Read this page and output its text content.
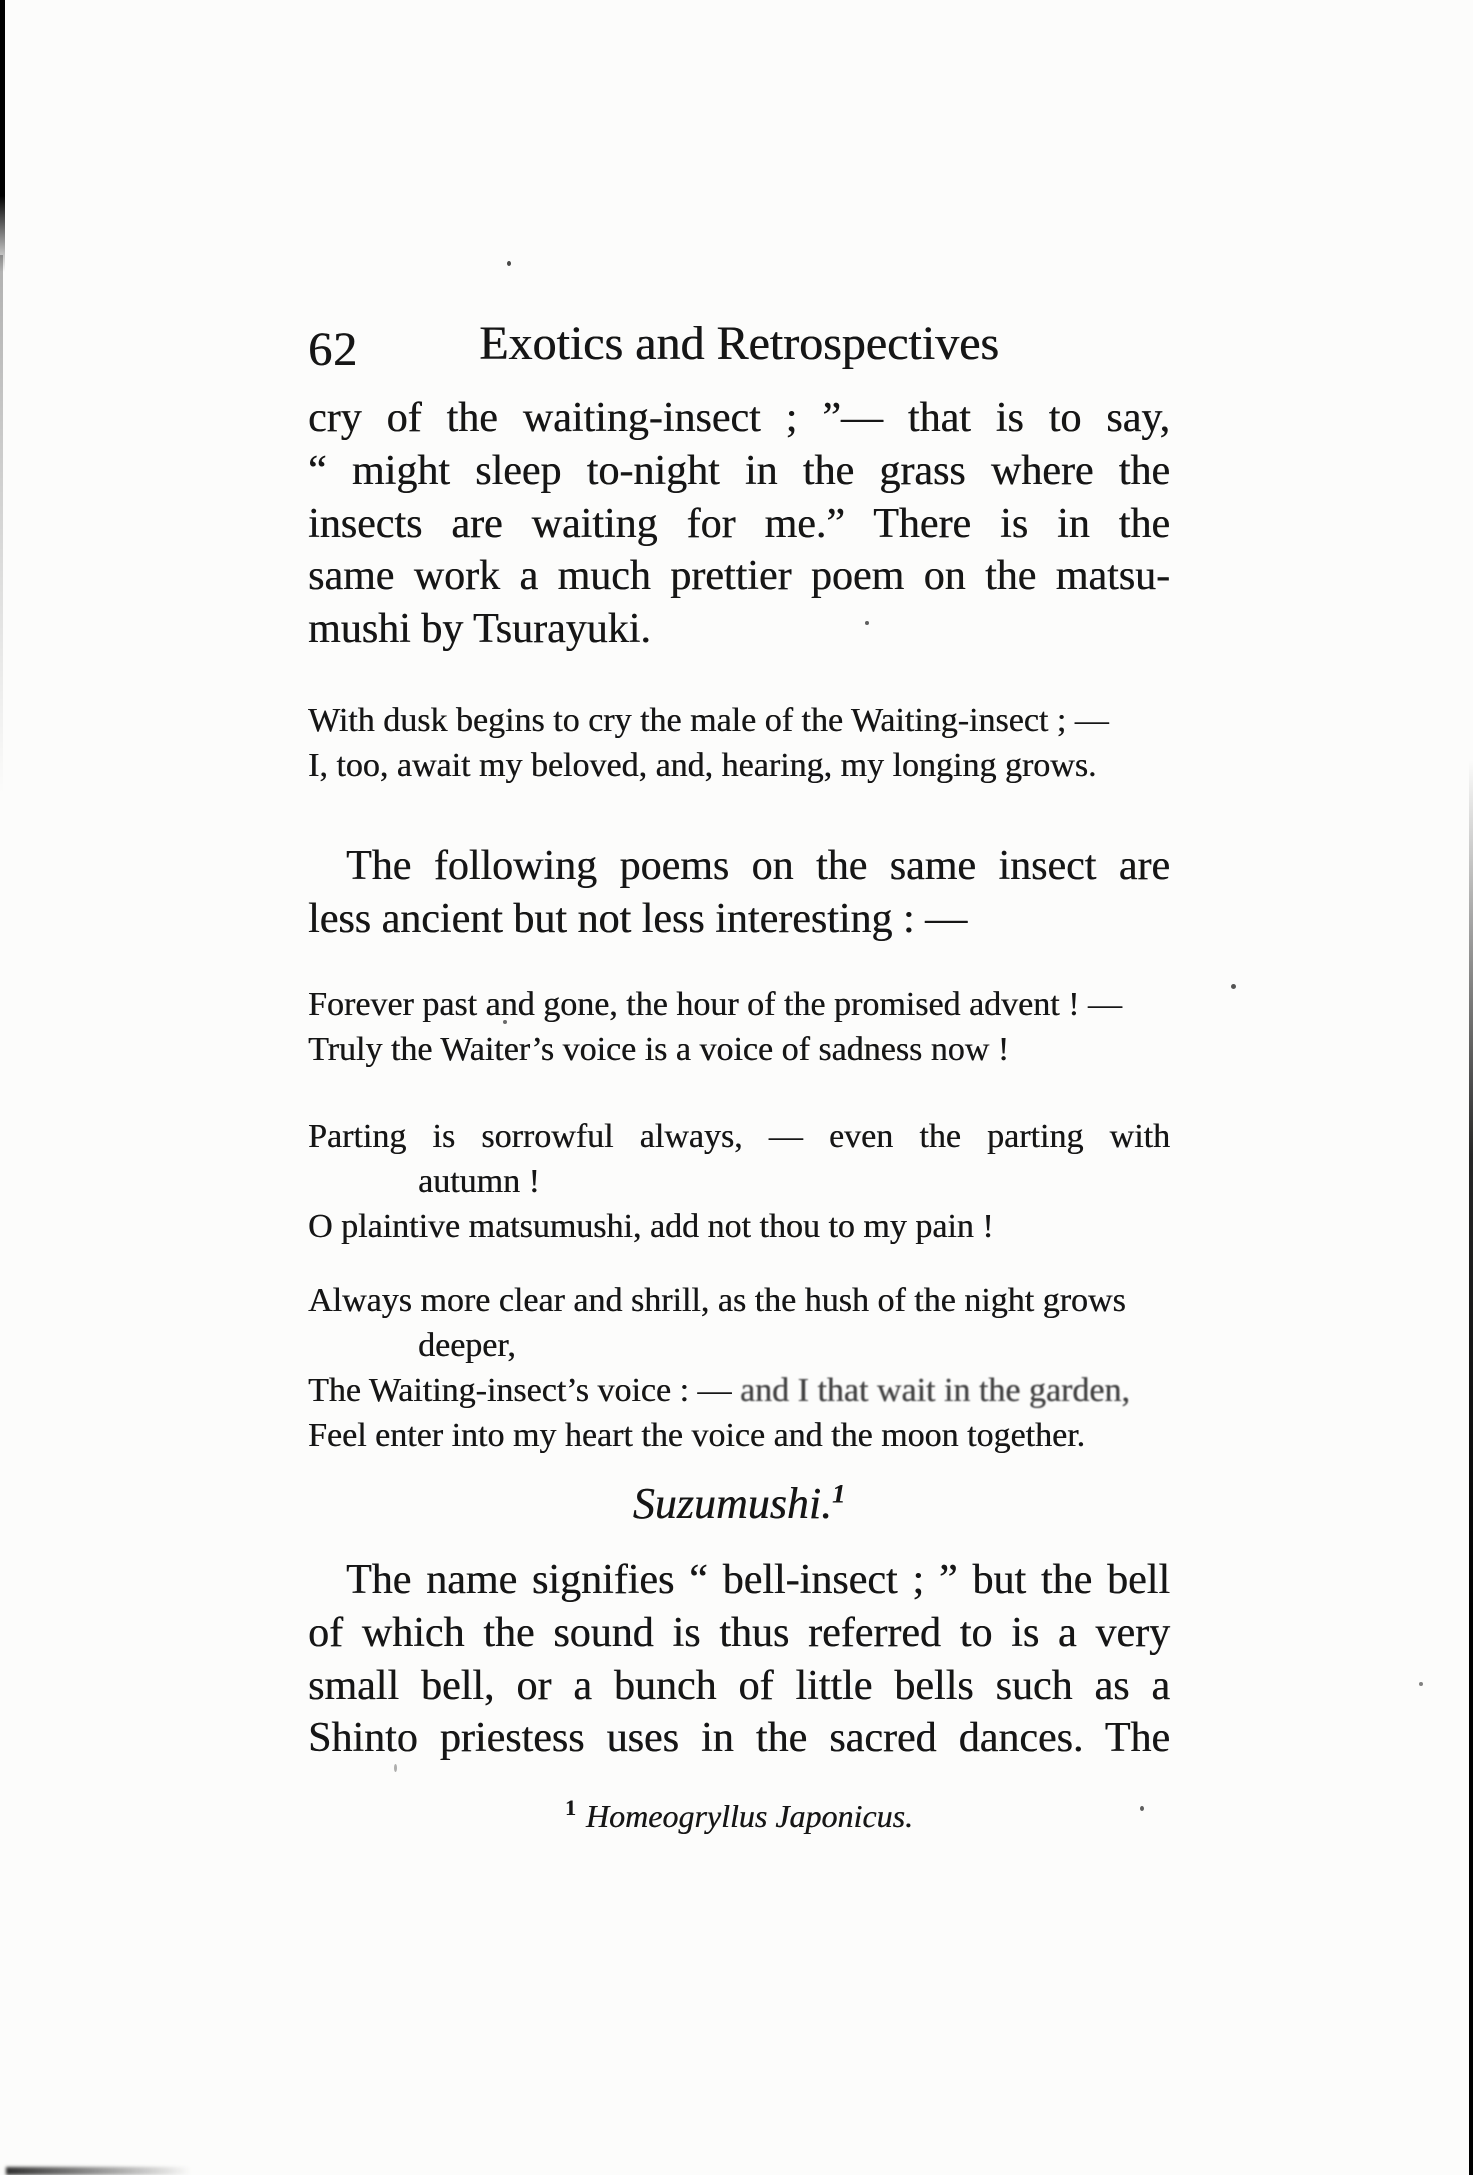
62	Exotics and Retrospectives
cry of the waiting-insect ; ”— that is to say,
“ might sleep to-night in the grass where the
insects are waiting for me.” There is in the
same work a much prettier poem on the matsu-
mushi by Tsurayuki.
With dusk begins to cry the male of the Waiting-insect ; —
I, too, await my beloved, and, hearing, my longing grows.
The following poems on the same insect are
less ancient but not less interesting : —
Forever past and gone, the hour of the promised advent ! —
Truly the Waiter’s voice is a voice of sadness now !
Parting is sorrowful always, — even the parting with
autumn !
O plaintive matsumushi, add not thou to my pain !
Always more clear and shrill, as the hush of the night grows
deeper,
The Waiting-insect’s voice : — and I that wait in the garden,
Feel enter into my heart the voice and the moon together.
Suzumushi.$^1$
The name signifies “ bell-insect ; ” but the bell
of which the sound is thus referred to is a very
small bell, or a bunch of little bells such as a
Shinto priestess uses in the sacred dances. The
$^1$ Homeogryllus Japonicus.
